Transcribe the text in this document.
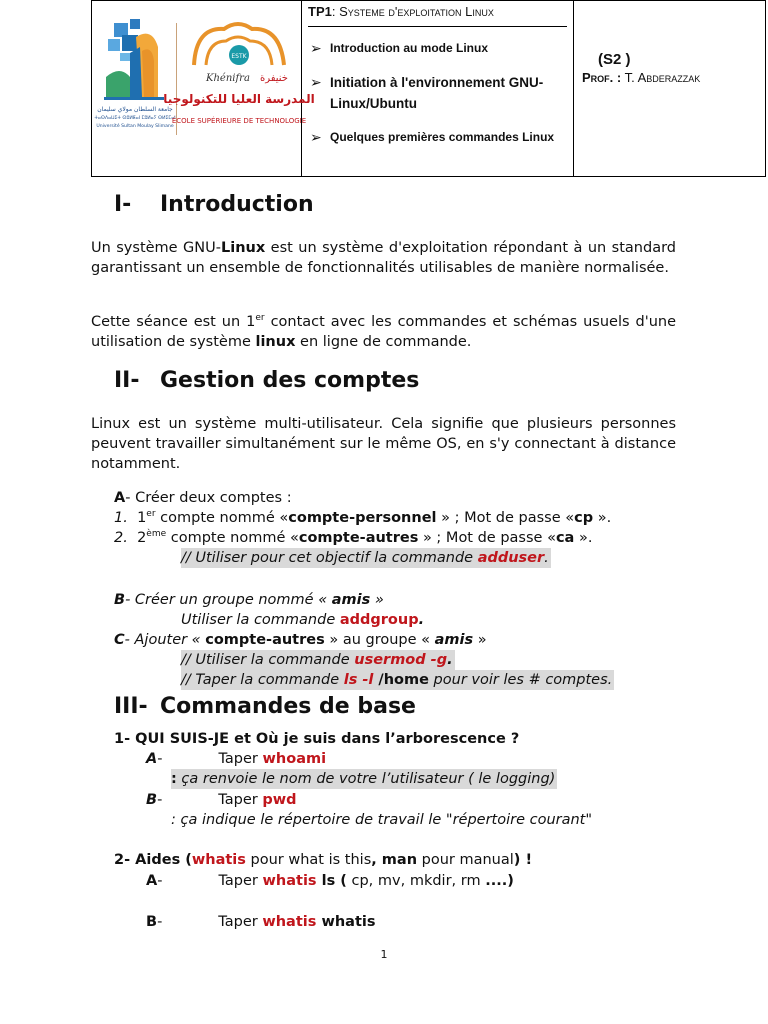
جامعة السلطان مولاي سليمان
ⵜⴰⵙⴷⴰⵡⵉⵜ ⵙⵓⵍⵟⴰⵏ ⵎⵓⵍⴰⵢ ⵙⵍⵉⵎⴰⵏ
Université Sultan Moulay Slimane
ESTK
Khénifra خنيفرة
المدرسة العليا للتكنولوجيا
ÉCOLE SUPÉRIEURE DE TECHNOLOGIE
TP1: Systeme d'exploitation Linux
➢ Introduction au mode Linux
➢ Initiation à l'environnement GNU-Linux/Ubuntu
➢ Quelques premières commandes Linux
(S2 )
Prof. : T. Abderazzak
I- Introduction
Un système GNU-Linux est un système d'exploitation répondant à un standard garantissant un ensemble de fonctionnalités utilisables de manière normalisée.
Cette séance est un 1er contact avec les commandes et schémas usuels d'une utilisation de système linux en ligne de commande.
II- Gestion des comptes
Linux est un système multi-utilisateur. Cela signifie que plusieurs personnes peuvent travailler simultanément sur le même OS, en s'y connectant à distance notamment.
A- Créer deux comptes :
1. 1er compte nommé «compte-personnel » ; Mot de passe «cp ».
2. 2ème compte nommé «compte-autres » ; Mot de passe «ca ».
// Utiliser pour cet objectif la commande adduser.
B- Créer un groupe nommé « amis »
Utiliser la commande addgroup.
C- Ajouter « compte-autres » au groupe « amis »
// Utiliser la commande usermod -g.
// Taper la commande ls -l /home pour voir les # comptes.
III- Commandes de base
1- QUI SUIS-JE et Où je suis dans l’arborescence ?
A-	Taper whoami
: ça renvoie le nom de votre l’utilisateur ( le logging)
B-	Taper pwd
: ça indique le répertoire de travail le "répertoire courant"
2- Aides (whatis pour what is this, man pour manual) !
A-	Taper whatis ls ( cp, mv, mkdir, rm ....)
B-	Taper whatis whatis
1
